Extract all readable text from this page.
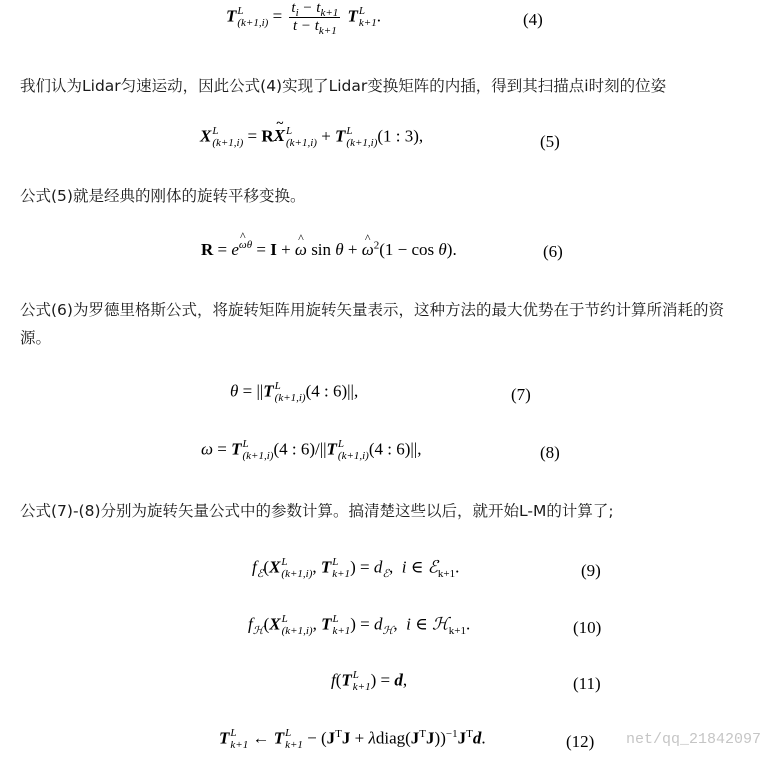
T L
$(k+1,i) = \frac{t_i - t_{k+1}}{t - t_{k+1}}$ T L
k+1 .	(4)
我们认为Lidar匀速运动，因此公式(4)实现了Lidar变换矩阵的内插，得到其扫描点i时刻的位姿
X L
(k+1,i) = RX ~ L
(k+1,i) + T L
(k+1,i) (1 : 3),	(5)
公式(5)就是经典的刚体的旋转平移变换。
$R = e^{\omega\theta} = I + \omega$ ^ sin θ + ω ^$^2$(1 − cos θ).	(6)
公式(6)为罗德里格斯公式，将旋转矩阵用旋转矢量表示，这种方法的最大优势在于节约计算所消耗的资源。
θ = ||T L
(k+1,i) (4 : 6)||,	(7)
ω = T L
(k+1,i) (4 : 6)/||T L
(k+1,i) (4 : 6)||,	(8)
公式(7)-(8)分别为旋转矢量公式中的参数计算。搞清楚这些以后，就开始L-M的计算了;
$f_ℰ(X$ L
(k+1,i) , T L
k+1 ) = $d_ℰ$,  i ∈ ℰ$_{k+1}$.	(9)
$f_ℋ(X$ L
(k+1,i) , T L
k+1 ) = $d_ℋ$,  i ∈ ℋ$_{k+1}$.	(10)
f(T L
k+1 ) = d,	(11)
T L
k+1 ← T L
$k+1 - (J^TJ$ + $\lambda diag(J^TJ))^{-1}J^Td$.	(12) net/qq_21842097
